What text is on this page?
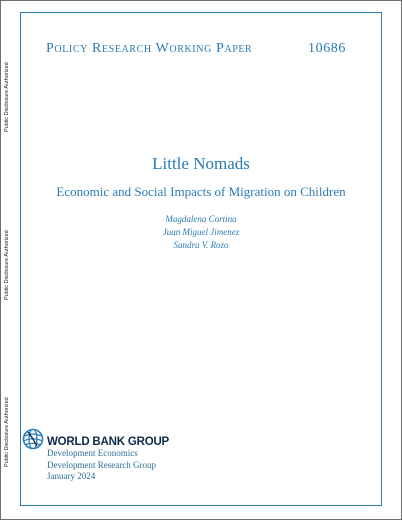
Public Disclosure Authorized
Public Disclosure Authorized
Public Disclosure Authorized
Policy Research Working Paper	10686
Little Nomads
Economic and Social Impacts of Migration on Children
Magdalena Cortina
Juan Miguel Jimenez
Sandra V. Rozo
WORLD BANK GROUP
Development Economics
Development Research Group
January 2024
